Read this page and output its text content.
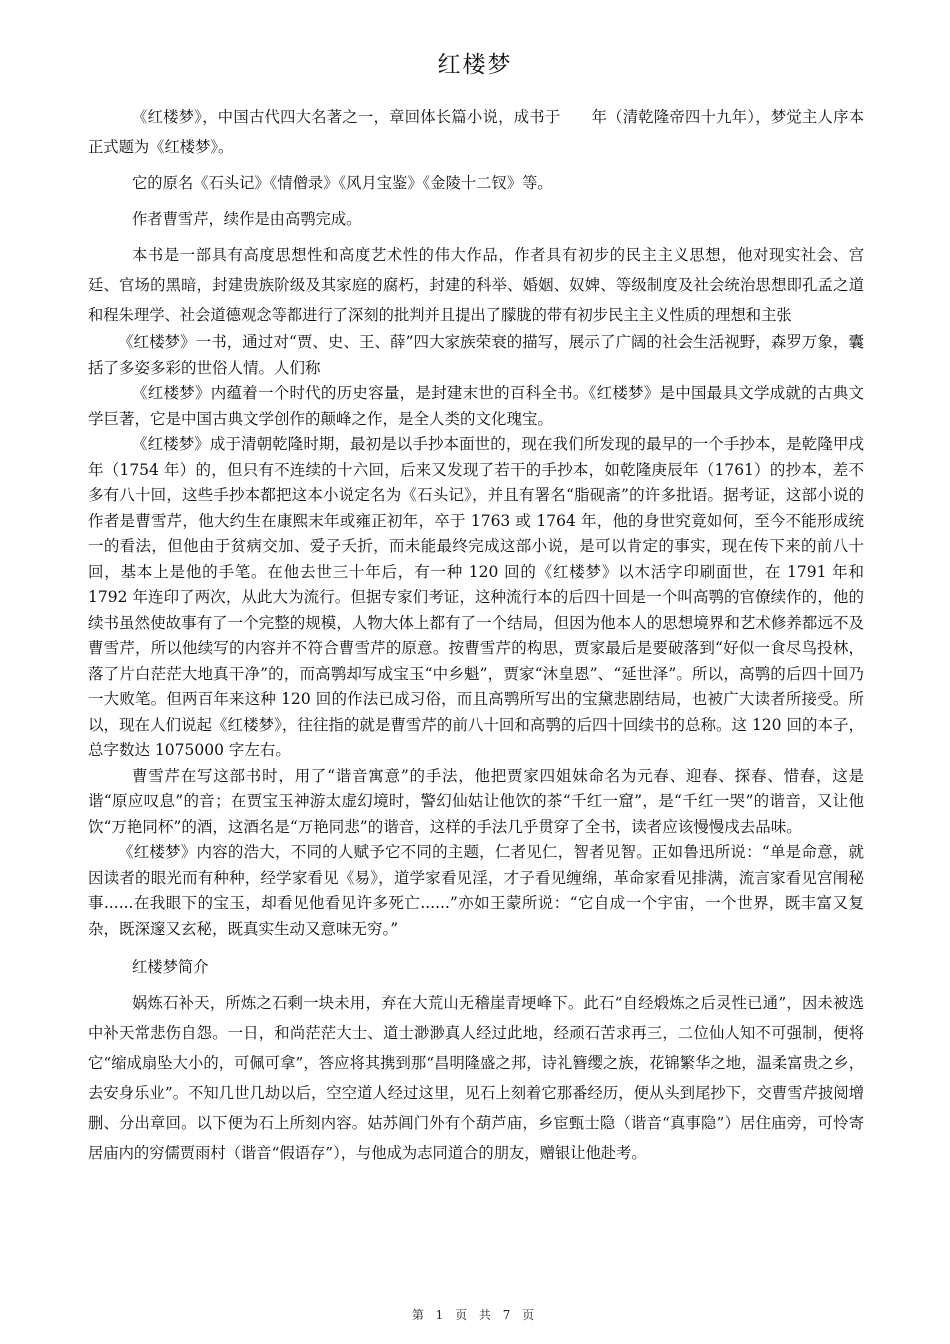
红楼梦

《红楼梦》，中国古代四大名著之一，章回体长篇小说，成书于　　年（清乾隆帝四十九年），梦觉主人序本正式题为《红楼梦》。

它的原名《石头记》《情僧录》《风月宝鉴》《金陵十二钗》等。

作者曹雪芹，续作是由高鹗完成。

本书是一部具有高度思想性和高度艺术性的伟大作品，作者具有初步的民主主义思想，他对现实社会、宫廷、官场的黑暗，封建贵族阶级及其家庭的腐朽，封建的科举、婚姻、奴婢、等级制度及社会统治思想即孔孟之道和程朱理学、社会道德观念等都进行了深刻的批判并且提出了朦胧的带有初步民主主义性质的理想和主张

《红楼梦》一书，通过对“贾、史、王、薛”四大家族荣衰的描写，展示了广阔的社会生活视野，森罗万象，囊括了多姿多彩的世俗人情。人们称

《红楼梦》内蕴着一个时代的历史容量，是封建末世的百科全书。《红楼梦》是中国最具文学成就的古典文学巨著，它是中国古典文学创作的颠峰之作，是全人类的文化瑰宝。

《红楼梦》成于清朝乾隆时期，最初是以手抄本面世的，现在我们所发现的最早的一个手抄本，是乾隆甲戌年（1754 年）的，但只有不连续的十六回，后来又发现了若干的手抄本，如乾隆庚辰年（1761）的抄本，差不多有八十回，这些手抄本都把这本小说定名为《石头记》，并且有署名“脂砚斋”的许多批语。据考证，这部小说的作者是曹雪芹，他大约生在康熙末年或雍正初年，卒于 1763 或 1764 年，他的身世究竟如何，至今不能形成统一的看法，但他由于贫病交加、爱子夭折，而未能最终完成这部小说，是可以肯定的事实，现在传下来的前八十回，基本上是他的手笔。在他去世三十年后，有一种 120 回的《红楼梦》以木活字印刷面世，在 1791 年和 1792 年连印了两次，从此大为流行。但据专家们考证，这种流行本的后四十回是一个叫高鹗的官僚续作的，他的续书虽然使故事有了一个完整的规模，人物大体上都有了一个结局，但因为他本人的思想境界和艺术修养都远不及曹雪芹，所以他续写的内容并不符合曹雪芹的原意。按曹雪芹的构思，贾家最后是要破落到“好似一食尽鸟投林，落了片白茫茫大地真干净”的，而高鹗却写成宝玉“中乡魁”，贾家“沐皇恩”、“延世泽”。所以，高鹗的后四十回乃一大败笔。但两百年来这种 120 回的作法已成习俗，而且高鹗所写出的宝黛悲剧结局，也被广大读者所接受。所以，现在人们说起《红楼梦》，往往指的就是曹雪芹的前八十回和高鹗的后四十回续书的总称。这 120 回的本子，总字数达 1075000 字左右。

曹雪芹在写这部书时，用了“谐音寓意”的手法，他把贾家四姐妹命名为元春、迎春、探春、惜春，这是谐“原应叹息”的音；在贾宝玉神游太虚幻境时，警幻仙姑让他饮的茶“千红一窟”，是“千红一哭”的谐音，又让他饮“万艳同杯”的酒，这酒名是“万艳同悲”的谐音，这样的手法几乎贯穿了全书，读者应该慢慢戌去品味。

《红楼梦》内容的浩大，不同的人赋予它不同的主题，仁者见仁，智者见智。正如鲁迅所说：“单是命意，就因读者的眼光而有种种，经学家看见《易》，道学家看见淫，才子看见缠绵，革命家看见排满，流言家看见宫闱秘事......在我眼下的宝玉，却看见他看见许多死亡......”亦如王蒙所说：“它自成一个宇宙，一个世界，既丰富又复杂，既深邃又玄秘，既真实生动又意味无穷。”

红楼梦简介

娲炼石补天，所炼之石剩一块未用，弃在大荒山无稽崖青埂峰下。此石“自经煅炼之后灵性已通”，因未被选中补天常悲伤自怨。一日，和尚茫茫大士、道士渺渺真人经过此地，经顽石苦求再三，二位仙人知不可强制，便将它“缩成扇坠大小的，可佩可拿”，答应将其携到那“昌明隆盛之邦，诗礼簪缨之族，花锦繁华之地，温柔富贵之乡，去安身乐业”。不知几世几劫以后，空空道人经过这里，见石上刻着它那番经历，便从头到尾抄下，交曹雪芹披阅增删、分出章回。以下便为石上所刻内容。姑苏阊门外有个葫芦庙，乡宦甄士隐（谐音“真事隐”）居住庙旁，可怜寄居庙内的穷儒贾雨村（谐音“假语存”），与他成为志同道合的朋友，赠银让他赴考。

第 1 页 共 7 页
